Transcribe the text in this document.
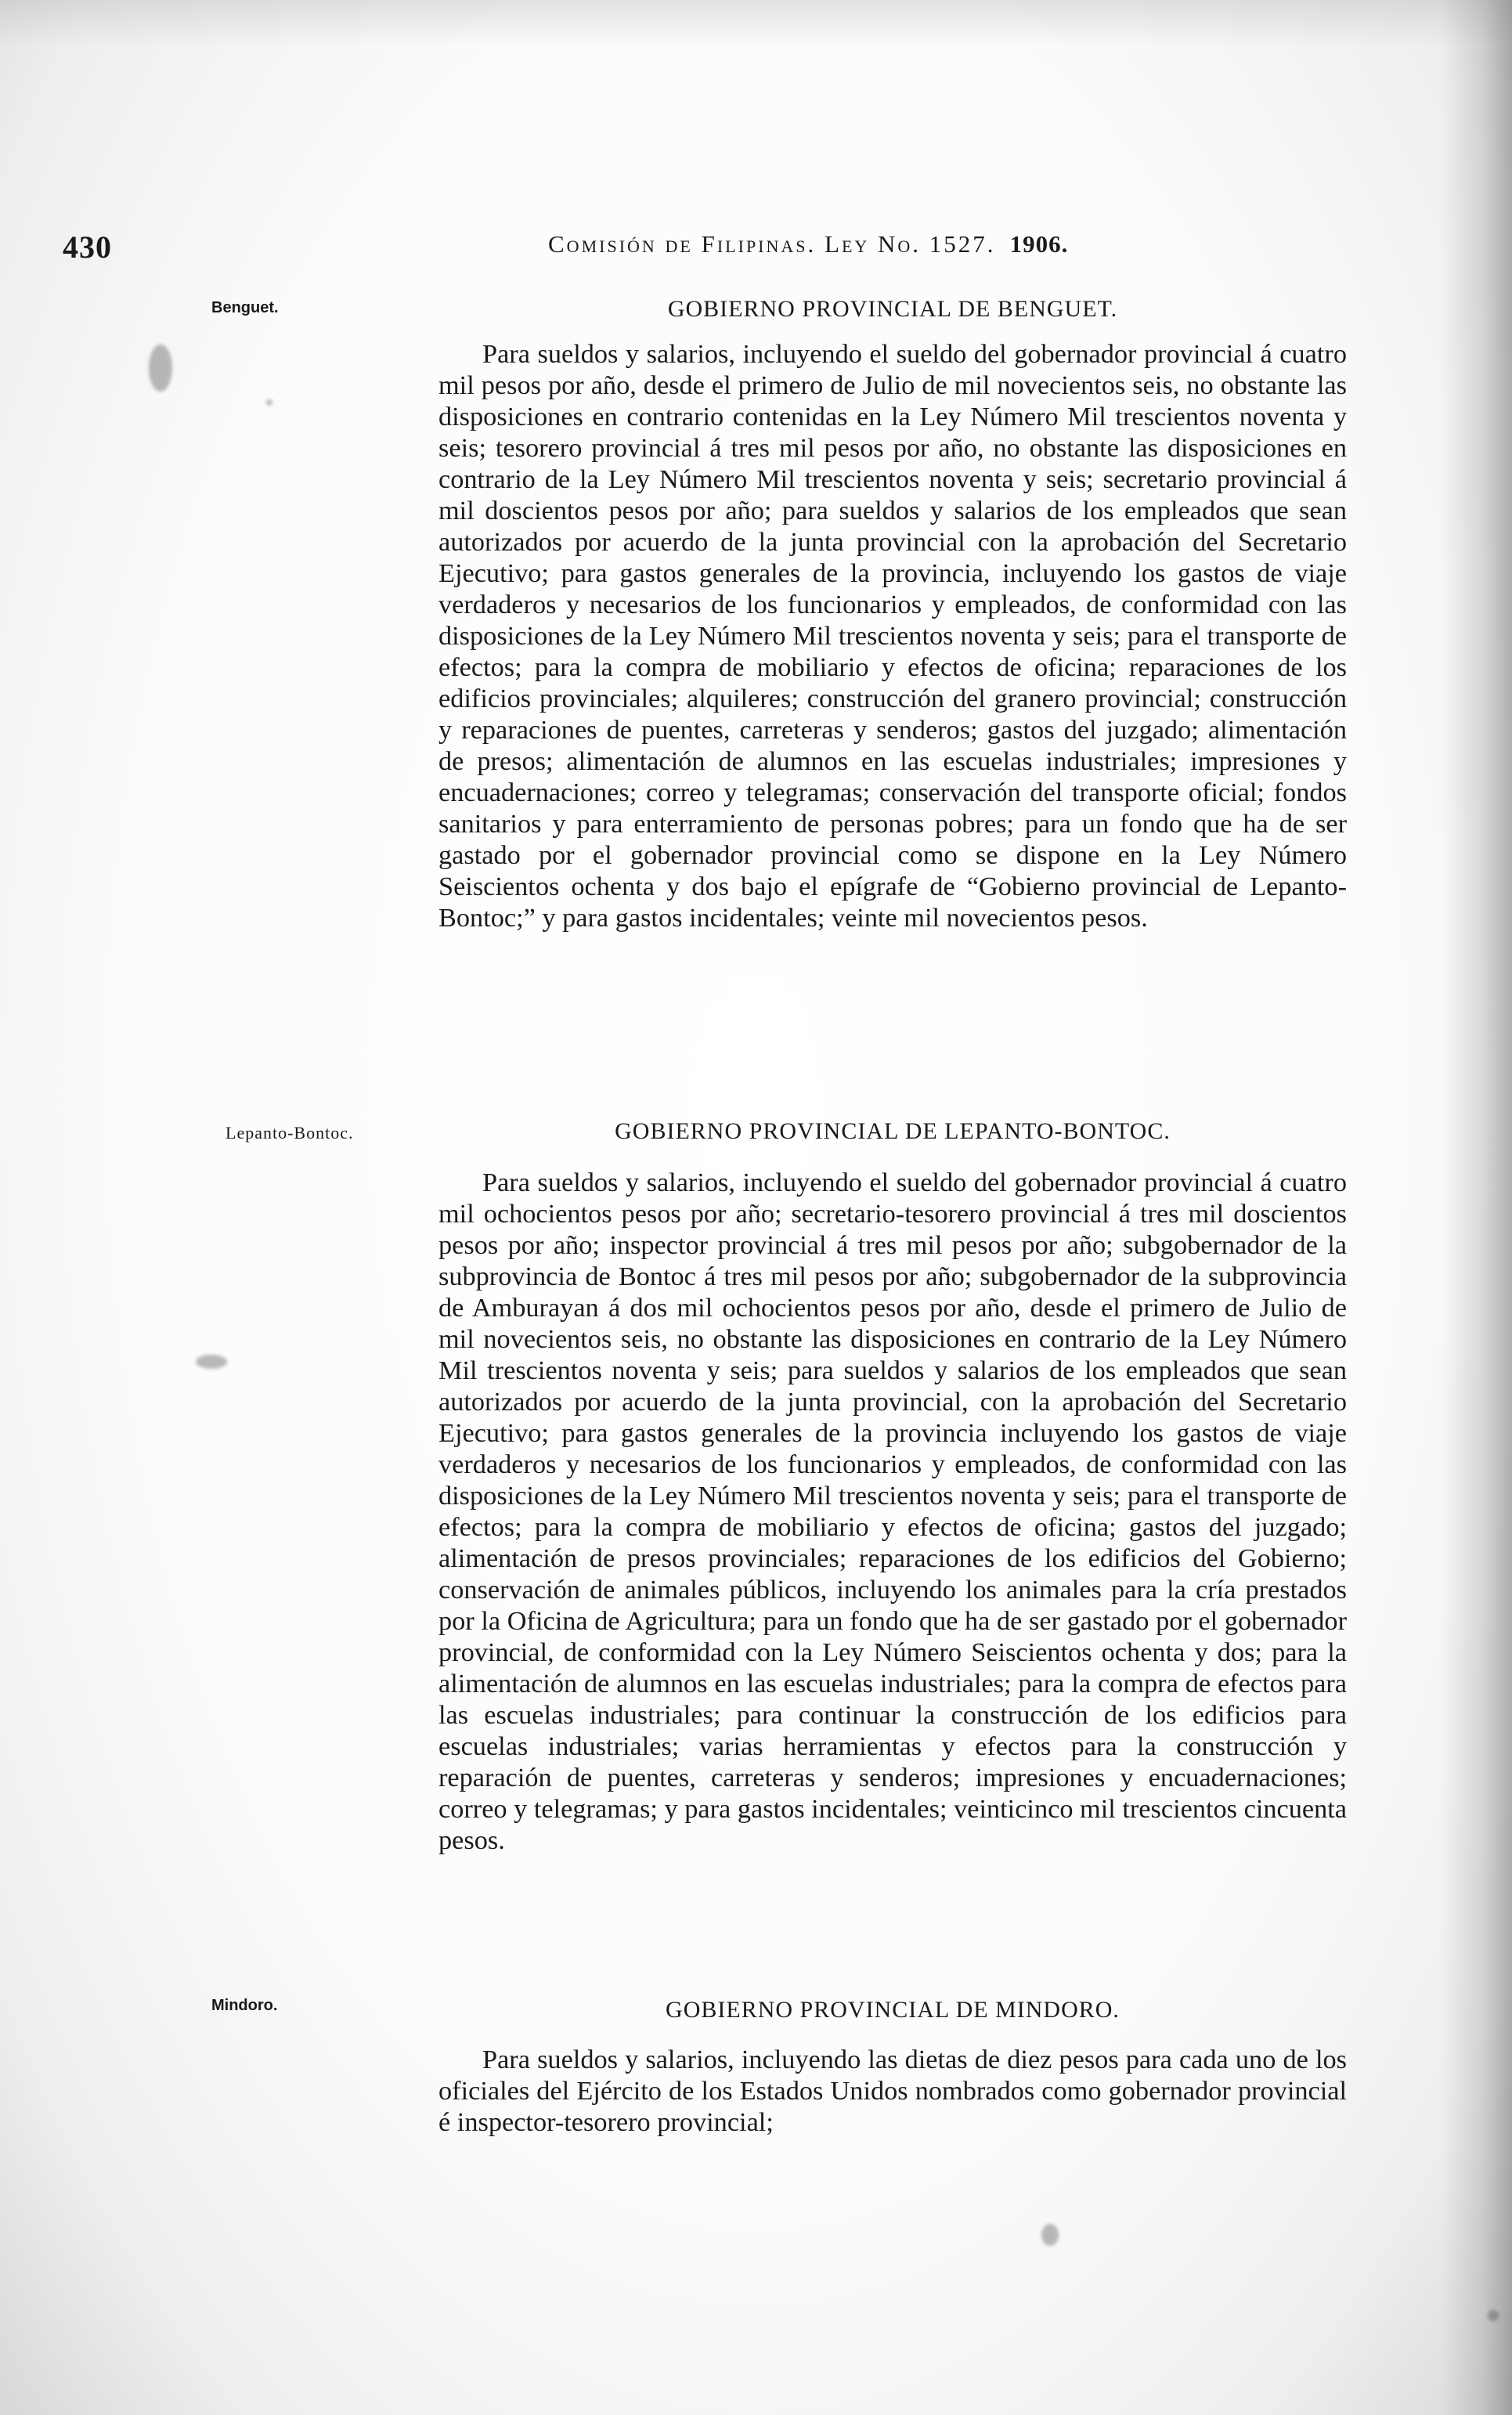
430	Comisión de Filipinas. Ley No. 1527. 1906.
Benguet.	GOBIERNO PROVINCIAL DE BENGUET.
Para sueldos y salarios, incluyendo el sueldo del gobernador provincial á cuatro mil pesos por año, desde el primero de Julio de mil novecientos seis, no obstante las disposiciones en contrario contenidas en la Ley Número Mil trescientos noventa y seis; tesorero provincial á tres mil pesos por año, no obstante las disposiciones en contrario de la Ley Número Mil trescientos noventa y seis; secretario provincial á mil doscientos pesos por año; para sueldos y salarios de los empleados que sean autorizados por acuerdo de la junta provincial con la aprobación del Secretario Ejecutivo; para gastos generales de la provincia, incluyendo los gastos de viaje verdaderos y necesarios de los funcionarios y empleados, de conformidad con las disposiciones de la Ley Número Mil trescientos noventa y seis; para el transporte de efectos; para la compra de mobiliario y efectos de oficina; reparaciones de los edificios provinciales; alquileres; construcción del granero provincial; construcción y reparaciones de puentes, carreteras y senderos; gastos del juzgado; alimentación de presos; alimentación de alumnos en las escuelas industriales; impresiones y encuadernaciones; correo y telegramas; conservación del transporte oficial; fondos sanitarios y para enterramiento de personas pobres; para un fondo que ha de ser gastado por el gobernador provincial como se dispone en la Ley Número Seiscientos ochenta y dos bajo el epígrafe de “Gobierno provincial de Lepanto-Bontoc;” y para gastos incidentales; veinte mil novecientos pesos.
Lepanto-Bontoc.	GOBIERNO PROVINCIAL DE LEPANTO-BONTOC.
Para sueldos y salarios, incluyendo el sueldo del gobernador provincial á cuatro mil ochocientos pesos por año; secretario-tesorero provincial á tres mil doscientos pesos por año; inspector provincial á tres mil pesos por año; subgobernador de la subprovincia de Bontoc á tres mil pesos por año; subgobernador de la subprovincia de Amburayan á dos mil ochocientos pesos por año, desde el primero de Julio de mil novecientos seis, no obstante las disposiciones en contrario de la Ley Número Mil trescientos noventa y seis; para sueldos y salarios de los empleados que sean autorizados por acuerdo de la junta provincial, con la aprobación del Secretario Ejecutivo; para gastos generales de la provincia incluyendo los gastos de viaje verdaderos y necesarios de los funcionarios y empleados, de conformidad con las disposiciones de la Ley Número Mil trescientos noventa y seis; para el transporte de efectos; para la compra de mobiliario y efectos de oficina; gastos del juzgado; alimentación de presos provinciales; reparaciones de los edificios del Gobierno; conservación de animales públicos, incluyendo los animales para la cría prestados por la Oficina de Agricultura; para un fondo que ha de ser gastado por el gobernador provincial, de conformidad con la Ley Número Seiscientos ochenta y dos; para la alimentación de alumnos en las escuelas industriales; para la compra de efectos para las escuelas industriales; para continuar la construcción de los edificios para escuelas industriales; varias herramientas y efectos para la construcción y reparación de puentes, carreteras y senderos; impresiones y encuadernaciones; correo y telegramas; y para gastos incidentales; veinticinco mil trescientos cincuenta pesos.
Mindoro.	GOBIERNO PROVINCIAL DE MINDORO.
Para sueldos y salarios, incluyendo las dietas de diez pesos para cada uno de los oficiales del Ejército de los Estados Unidos nombrados como gobernador provincial é inspector-tesorero provincial;
